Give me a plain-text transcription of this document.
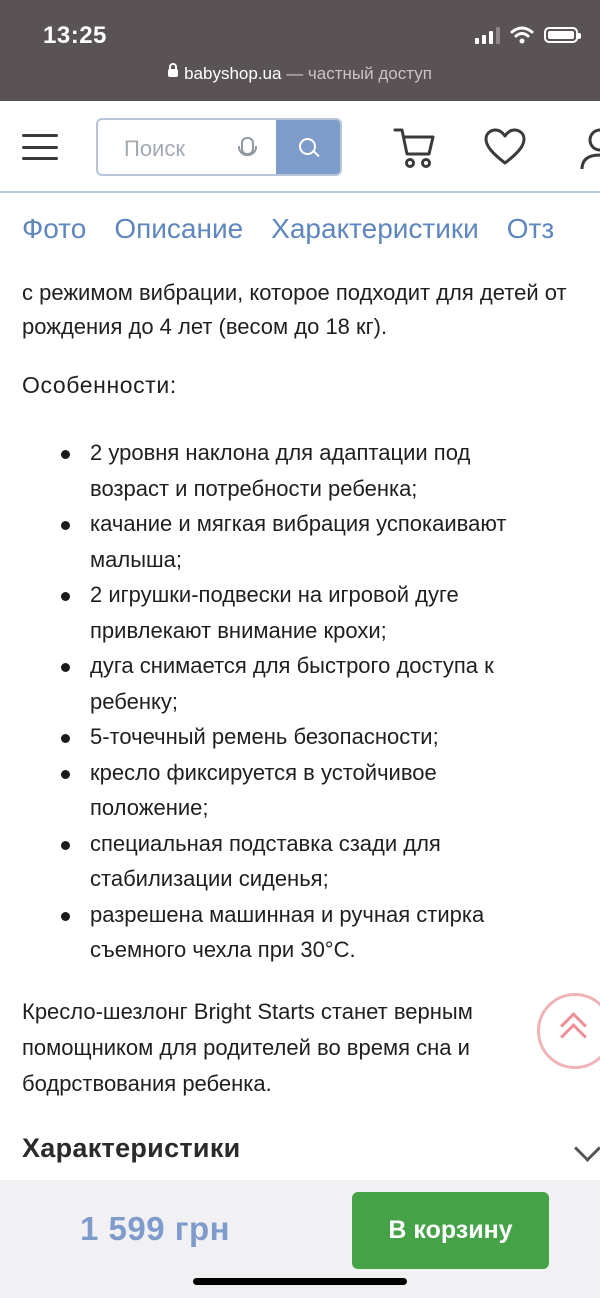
13:25
babyshop.ua — частный доступ
Поиск
Фото Описание Характеристики Отз

с режимом вибрации, которое подходит для детей от рождения до 4 лет (весом до 18 кг).
Особенности:
2 уровня наклона для адаптации под
возраст и потребности ребенка;
качание и мягкая вибрация успокаивают
малыша;
2 игрушки-подвески на игровой дуге
привлекают внимание крохи;
дуга снимается для быстрого доступа к
ребенку;
5-точечный ремень безопасности;
кресло фиксируется в устойчивое
положение;
специальная подставка сзади для
стабилизации сиденья;
разрешена машинная и ручная стирка
съемного чехла при 30°C.
Кресло-шезлонг Bright Starts станет верным
помощником для родителей во время сна и
бодрствования ребенка.
Характеристики
1 599 грн	В корзину
